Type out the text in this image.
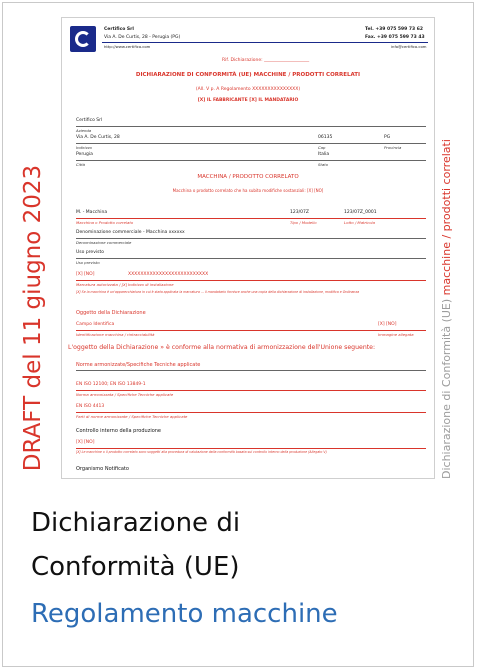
Certifico Srl
Via A. De Curtis, 28 - Perugia (PG)
http://www.certifico.com
Tel. +39 075 599 73 62
Fax. +39 075 599 73 43
info@certifico.com
Rif. Dichiarazione: ____________________
DICHIARAZIONE DI CONFORMITÀ (UE) MACCHINE / PRODOTTI CORRELATI
(All. V p. A Regolamento XXXXXXXXXXXXXXX)
[X] IL FABBRICANTE [X] IL MANDATARIO
Certifico Srl
Azienda
Via A. De Curtis, 28	06135	PG
Indirizzo	Cap	Provincia
Perugia	Italia
Città	Stato
MACCHINA / PRODOTTO CORRELATO
Macchina o prodotto correlato che ha subito modifiche sostanziali: [X] [NO]
M. - Macchina	123/07Z	123/07Z_0001
Macchina o Prodotto correlato	Tipo / Modello	Lotto / Matricola
Denominazione commerciale - Macchina xxxxxx
Denominazione commerciale
Uso previsto
Uso previsto
[X] [NO]	XXXXXXXXXXXXXXXXXXXXXXXXXX
Marcatura autorizzata / [X] Indirizzo di installazione
[X] Se la macchina è un'apparecchiatura in cui è stata applicata la marcatura ... il mandatario fornisce anche una copia della dichiarazione di installazione, modifica e Ordinanza
Oggetto della Dichiarazione
Campo Identifica	[X] [NO]
Identificazione macchina / rintracciabilità	Immagine allegata
L'oggetto della Dichiarazione » è conforme alla normativa di armonizzazione dell'Unione seguente:
Norme armonizzate/Specifiche Tecniche applicate
EN ISO 12100; EN ISO 13849-1
Norma armonizzata / Specifiche Tecniche applicate
EN ISO 4413
Parti di norme armonizzate / Specifiche Tecniche applicate
Controllo interno della produzione
[X] [NO]
[X] Le macchine o il prodotto correlato sono soggetti alla procedura di valutazione della conformità basata sul controllo interno della produzione (Allegato V)
Organismo Notificato	Dichiarazione di Conformità (UE) macchine / prodotti correlati
DRAFT del 11 giugno 2023
Dichiarazione di
Conformità (UE)
Regolamento macchine
